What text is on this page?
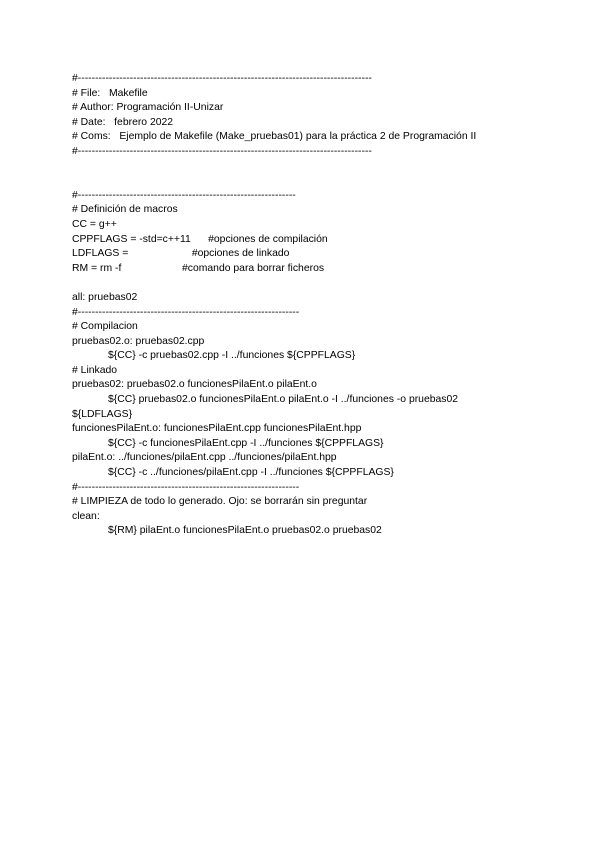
#-------------------------------------------------------------------------------------
# File:   Makefile
# Author: Programación II-Unizar
# Date:   febrero 2022
# Coms:   Ejemplo de Makefile (Make_pruebas01) para la práctica 2 de Programación II
#-------------------------------------------------------------------------------------
#---------------------------------------------------------------
# Definición de macros
CC = g++
CPPFLAGS = -std=c++11      #opciones de compilación
LDFLAGS =                      #opciones de linkado
RM = rm -f                     #comando para borrar ficheros
all: pruebas02
#----------------------------------------------------------------
# Compilacion
pruebas02.o: pruebas02.cpp
${CC} -c pruebas02.cpp -I ../funciones ${CPPFLAGS}
# Linkado
pruebas02: pruebas02.o funcionesPilaEnt.o pilaEnt.o
${CC} pruebas02.o funcionesPilaEnt.o pilaEnt.o -I ../funciones -o pruebas02
${LDFLAGS}
funcionesPilaEnt.o: funcionesPilaEnt.cpp funcionesPilaEnt.hpp
${CC} -c funcionesPilaEnt.cpp -I ../funciones ${CPPFLAGS}
pilaEnt.o: ../funciones/pilaEnt.cpp ../funciones/pilaEnt.hpp
${CC} -c ../funciones/pilaEnt.cpp -I ../funciones ${CPPFLAGS}
#----------------------------------------------------------------
# LIMPIEZA de todo lo generado. Ojo: se borrarán sin preguntar
clean:
${RM} pilaEnt.o funcionesPilaEnt.o pruebas02.o pruebas02
